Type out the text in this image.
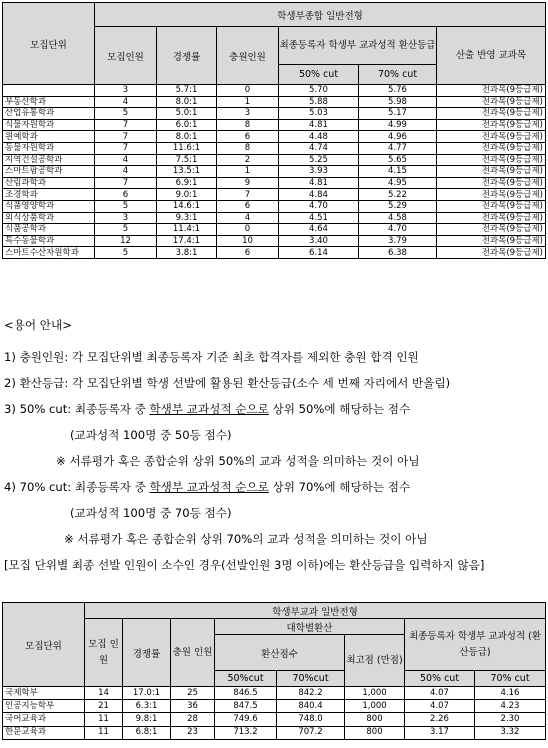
모집단위	학생부종합 일반전형					
	모집인원	경쟁률	충원인원	최종등록자 학생부 교과성적 환산등급		산출 반영 교과목
				50% cut	70% cut	
	3	5.7:1	0	5.70	5.76	전과목(9등급제)
부동산학과	4	8.0:1	1	5.88	5.98	전과목(9등급제)
산업유통학과	5	5.0:1	3	5.03	5.17	전과목(9등급제)
식물자원학과	7	6.0:1	8	4.81	4.99	전과목(9등급제)
원예학과	7	8.0:1	6	4.48	4.96	전과목(9등급제)
동물자원학과	7	11.6:1	8	4.74	4.77	전과목(9등급제)
지역건설공학과	4	7.5:1	2	5.25	5.65	전과목(9등급제)
스마트팜공학과	4	13.5:1	1	3.93	4.15	전과목(9등급제)
산림과학과	7	6.9:1	9	4.81	4.95	전과목(9등급제)
조경학과	6	9.0:1	7	4.84	5.22	전과목(9등급제)
식품영양학과	5	14.6:1	6	4.70	5.29	전과목(9등급제)
외식상품학과	3	9.3:1	4	4.51	4.58	전과목(9등급제)
식품공학과	5	11.4:1	0	4.64	4.70	전과목(9등급제)
특수동물학과	12	17.4:1	10	3.40	3.79	전과목(9등급제)
스마트수산자원학과	5	3.8:1	6	6.14	6.38	전과목(9등급제)
<용어 안내>
1) 충원인원: 각 모집단위별 최종등록자 기준 최초 합격자를 제외한 충원 합격 인원
2) 환산등급: 각 모집단위별 학생 선발에 활용된 환산등급(소수 세 번째 자리에서 반올림)
3) 50% cut: 최종등록자 중 학생부 교과성적 순으로 상위 50%에 해당하는 점수
(교과성적 100명 중 50등 점수)
※ 서류평가 혹은 종합순위 상위 50%의 교과 성적을 의미하는 것이 아님
4) 70% cut: 최종등록자 중 학생부 교과성적 순으로 상위 70%에 해당하는 점수
(교과성적 100명 중 70등 점수)
※ 서류평가 혹은 종합순위 상위 70%의 교과 성적을 의미하는 것이 아님
[모집 단위별 최종 선발 인원이 소수인 경우(선발인원 3명 이하)에는 환산등급을 입력하지 않음]
모집단위	학생부교과 일반전형							
	모집 인원	경쟁률	충원 인원	대학별환산			최종등록자 학생부 교과성적 (환산등급)	
				환산점수		최고점 (만점)		
				50%cut	70%cut		50% cut	70% cut
국제학부	14	17.0:1	25	846.5	842.2	1,000	4.07	4.16
인공지능학부	21	6.3:1	36	847.5	840.4	1,000	4.07	4.23
국어교육과	11	9.8:1	28	749.6	748.0	800	2.26	2.30
한문교육과	11	6.8:1	23	713.2	707.2	800	3.17	3.32
